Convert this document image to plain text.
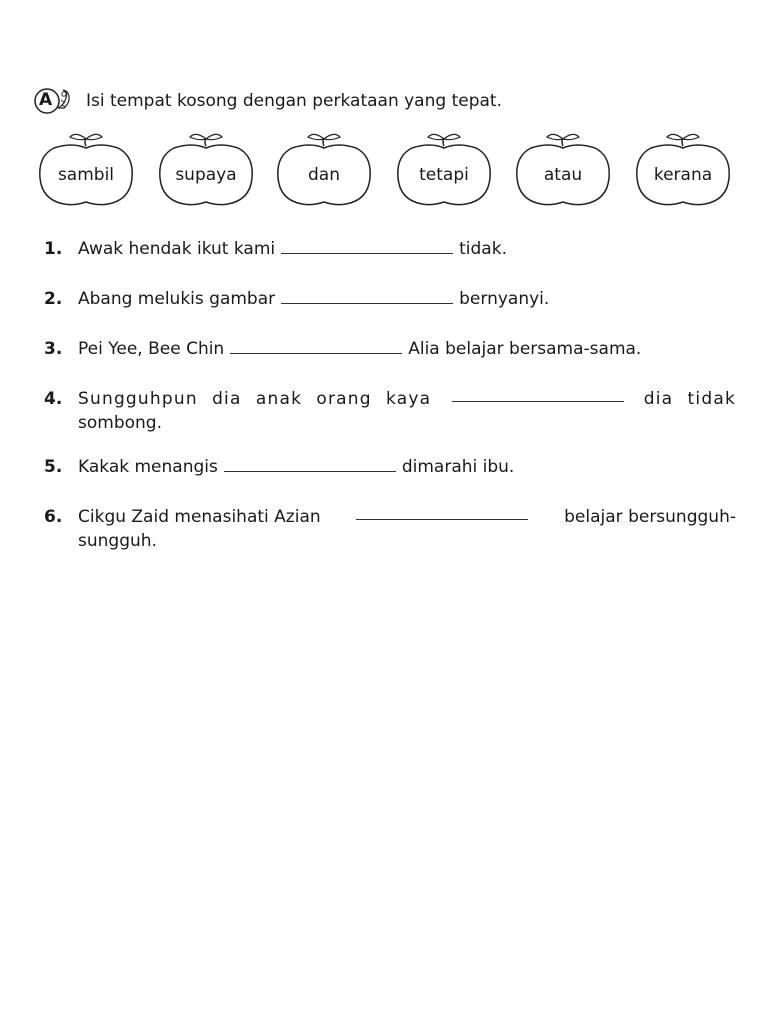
A Isi tempat kosong dengan perkataan yang tepat.
sambil	supaya	dan	tetapi	atau	kerana
1. Awak hendak ikut kami	tidak.
2. Abang melukis gambar	bernyanyi.
3. Pei Yee, Bee Chin	Alia belajar bersama-sama.
4. Sungguhpun dia anak orang kaya	dia tidak
sombong.
5. Kakak menangis	dimarahi ibu.
6. Cikgu Zaid menasihati Azian	belajar bersungguh-
sungguh.
